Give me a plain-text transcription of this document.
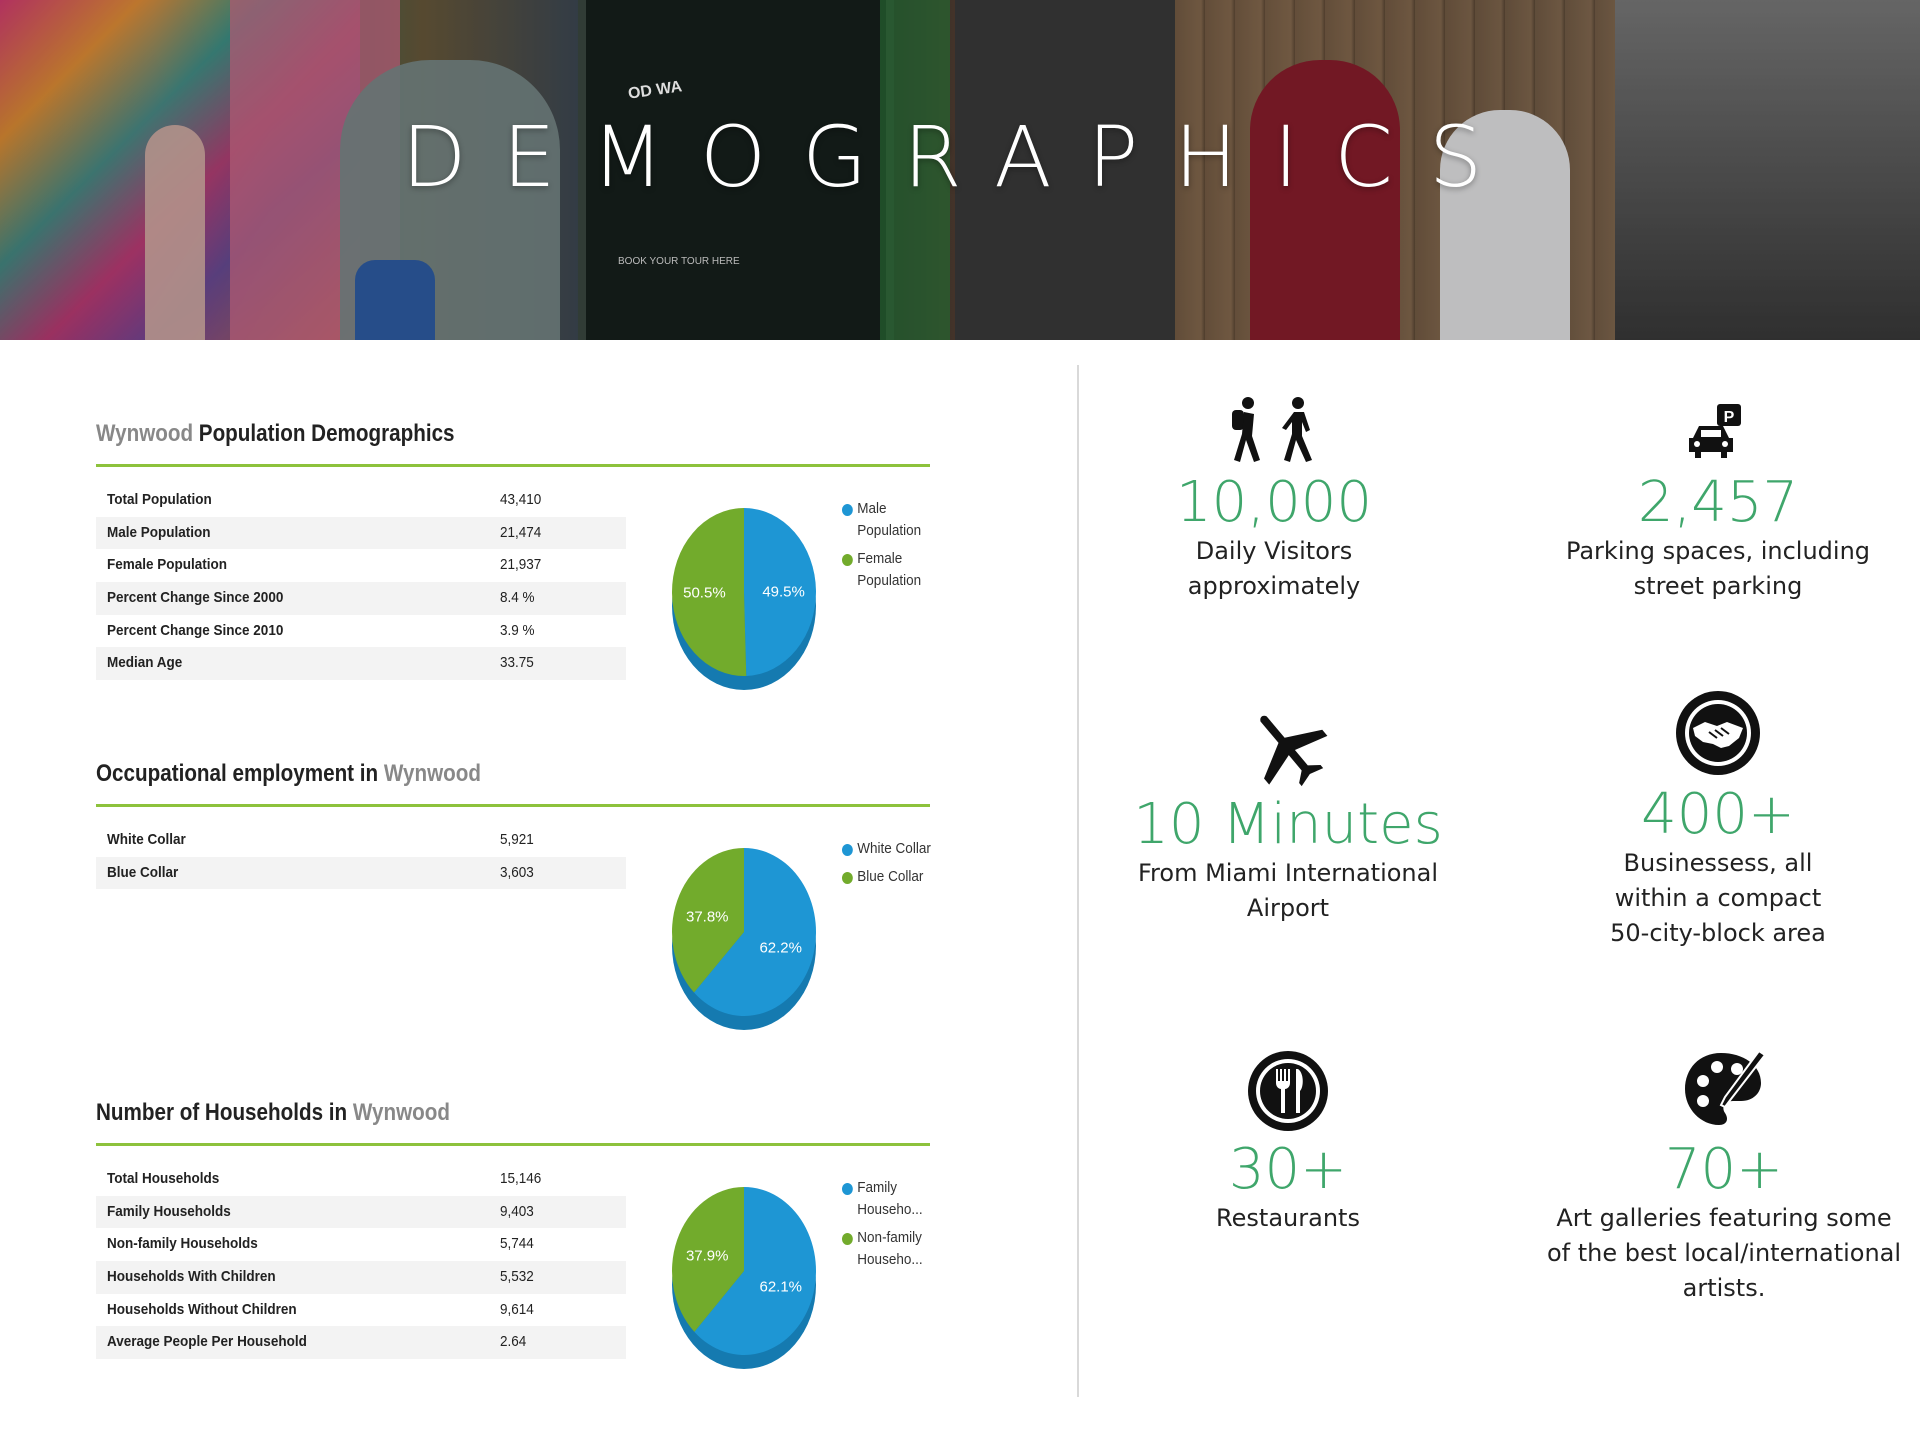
OD WA
BOOK YOUR TOUR HERE
DEMOGRAPHICS
Wynwood Population Demographics
Total Population	43,410
Male Population	21,474
Female Population	21,937
Percent Change Since 2000	8.4 %
Percent Change Since 2010	3.9 %
Median Age	33.75
49.5%
50.5%
Male Population
Female Population
Occupational employment in Wynwood
White Collar	5,921
Blue Collar	3,603
62.2%
37.8%
White Collar
Blue Collar
Number of Households in Wynwood
Total Households	15,146
Family Households	9,403
Non-family Households	5,744
Households With Children	5,532
Households Without Children	9,614
Average People Per Household	2.64
62.1%
37.9%
Family Househo...
Non-family Househo...
10,000
Daily Visitors
approximately
P
2,457
Parking spaces, including
street parking
10 Minutes
From Miami International
Airport
400+
Businessess, all
within a compact
50-city-block area
30+
Restaurants
70+
Art galleries featuring some
of the best local/international
artists.
